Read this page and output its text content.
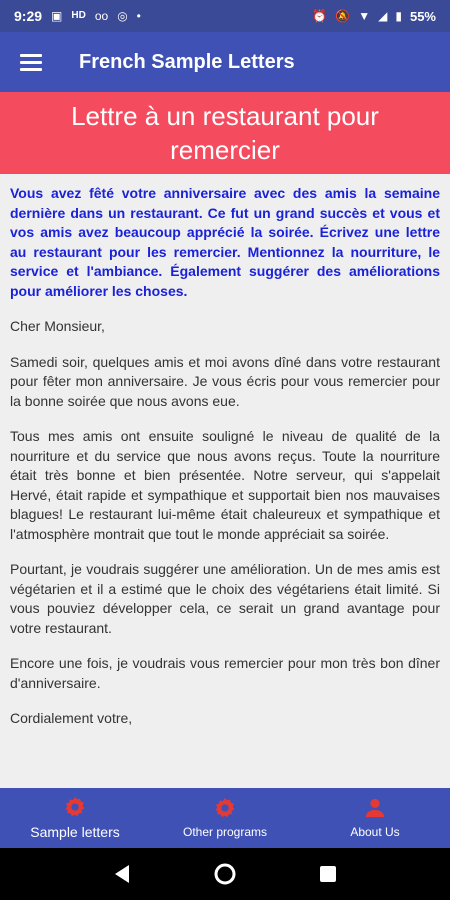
9:29 ▣ HD oo ◎ •	⏰ 🔕 ▼ ◢ ▮ 55%
French Sample Letters
Lettre à un restaurant pour remercier

Vous avez fêté votre anniversaire avec des amis la semaine dernière dans un restaurant. Ce fut un grand succès et vous et vos amis avez beaucoup apprécié la soirée. Écrivez une lettre au restaurant pour les remercier. Mentionnez la nourriture, le service et l'ambiance. Également suggérer des améliorations pour améliorer les choses.

Cher Monsieur,

Samedi soir, quelques amis et moi avons dîné dans votre restaurant pour fêter mon anniversaire. Je vous écris pour vous remercier pour la bonne soirée que nous avons eue.

Tous mes amis ont ensuite souligné le niveau de qualité de la nourriture et du service que nous avons reçus. Toute la nourriture était très bonne et bien présentée. Notre serveur, qui s'appelait Hervé, était rapide et sympathique et supportait bien nos mauvaises blagues! Le restaurant lui-même était chaleureux et sympathique et l'atmosphère montrait que tout le monde appréciait sa soirée.

Pourtant, je voudrais suggérer une amélioration. Un de mes amis est végétarien et il a estimé que le choix des végétariens était limité. Si vous pouviez développer cela, ce serait un grand avantage pour votre restaurant.

Encore une fois, je voudrais vous remercier pour mon très bon dîner d'anniversaire.

Cordialement votre,

Sample letters	Other programs	About Us
